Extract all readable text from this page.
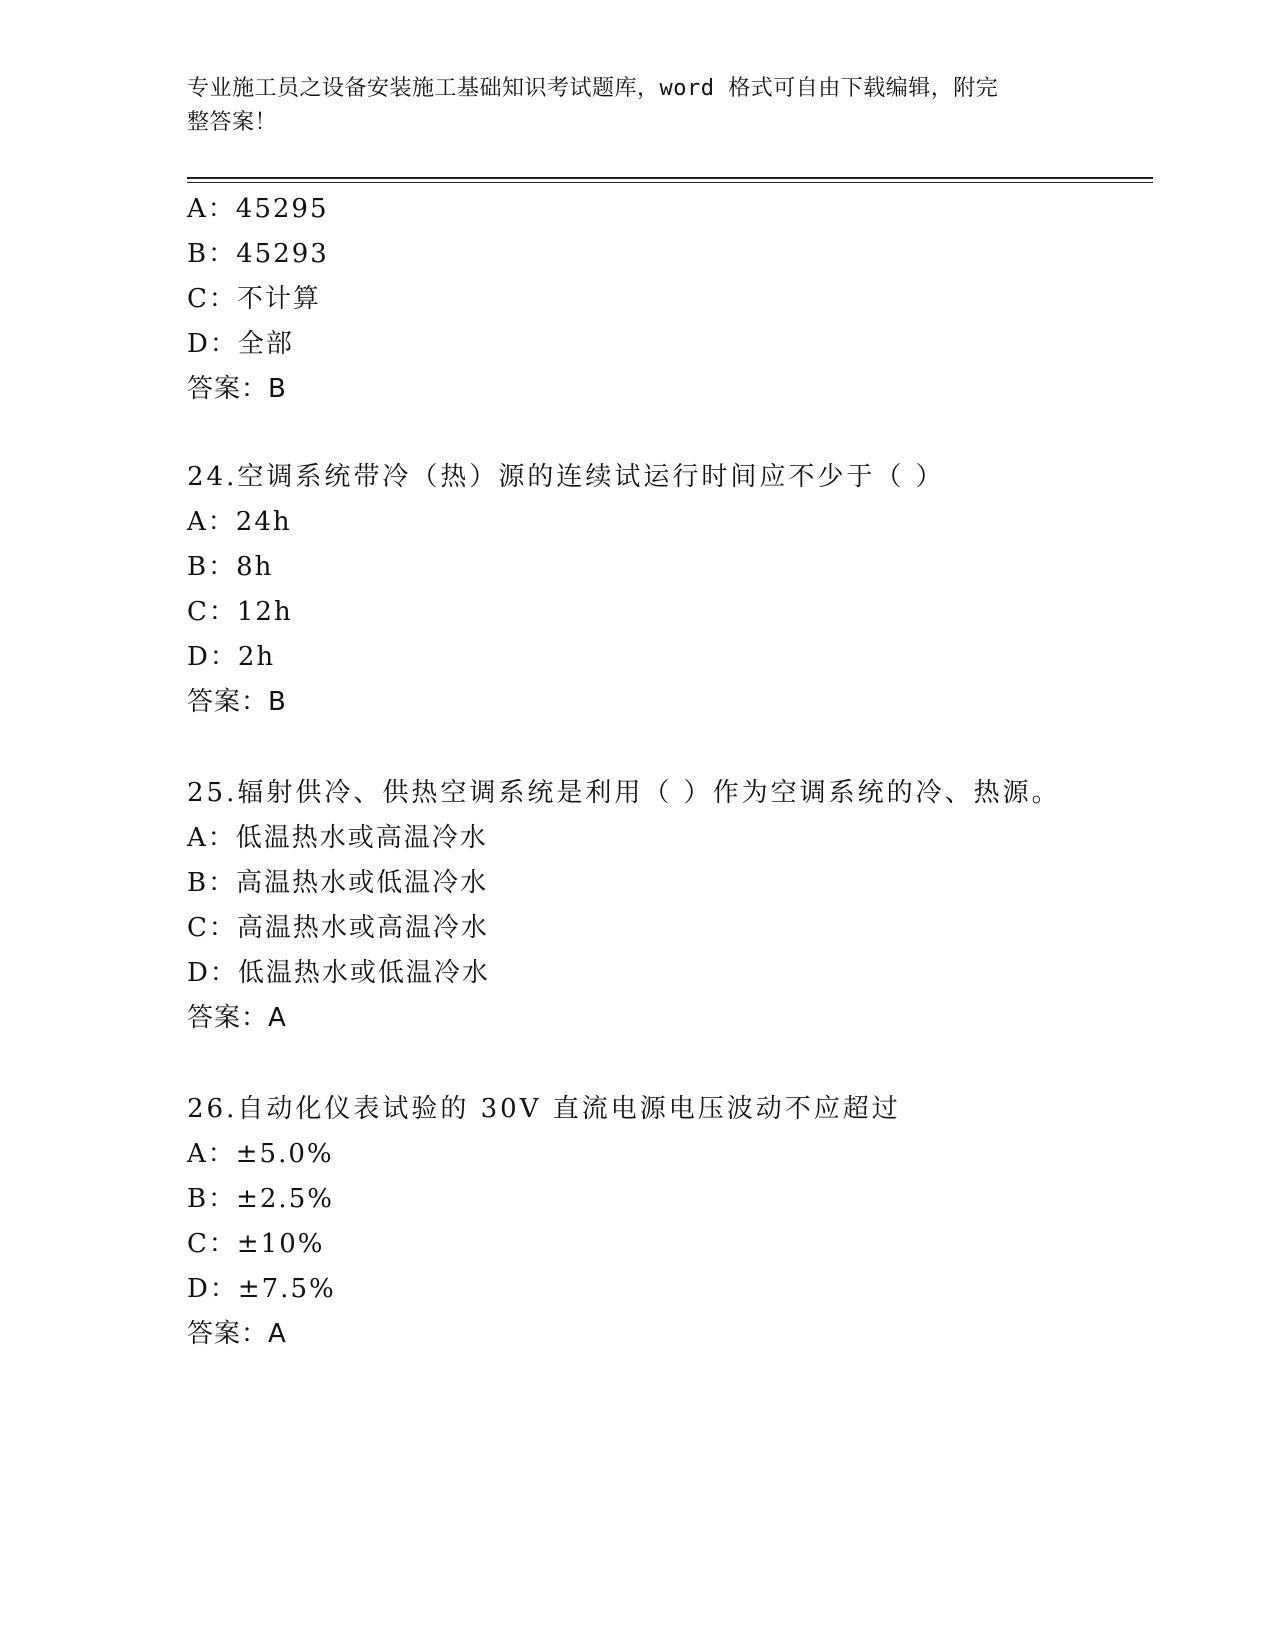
专业施工员之设备安装施工基础知识考试题库，word 格式可自由下载编辑，附完
整答案！
A：45295
B：45293
C：不计算
D：全部
答案：B
24.空调系统带冷（热）源的连续试运行时间应不少于（ ）
A：24h
B：8h
C：12h
D：2h
答案：B
25.辐射供冷、供热空调系统是利用（ ）作为空调系统的冷、热源。
A：低温热水或高温冷水
B：高温热水或低温冷水
C：高温热水或高温冷水
D：低温热水或低温冷水
答案：A
26.自动化仪表试验的 30V 直流电源电压波动不应超过
A：±5.0%
B：±2.5%
C：±10%
D：±7.5%
答案：A
